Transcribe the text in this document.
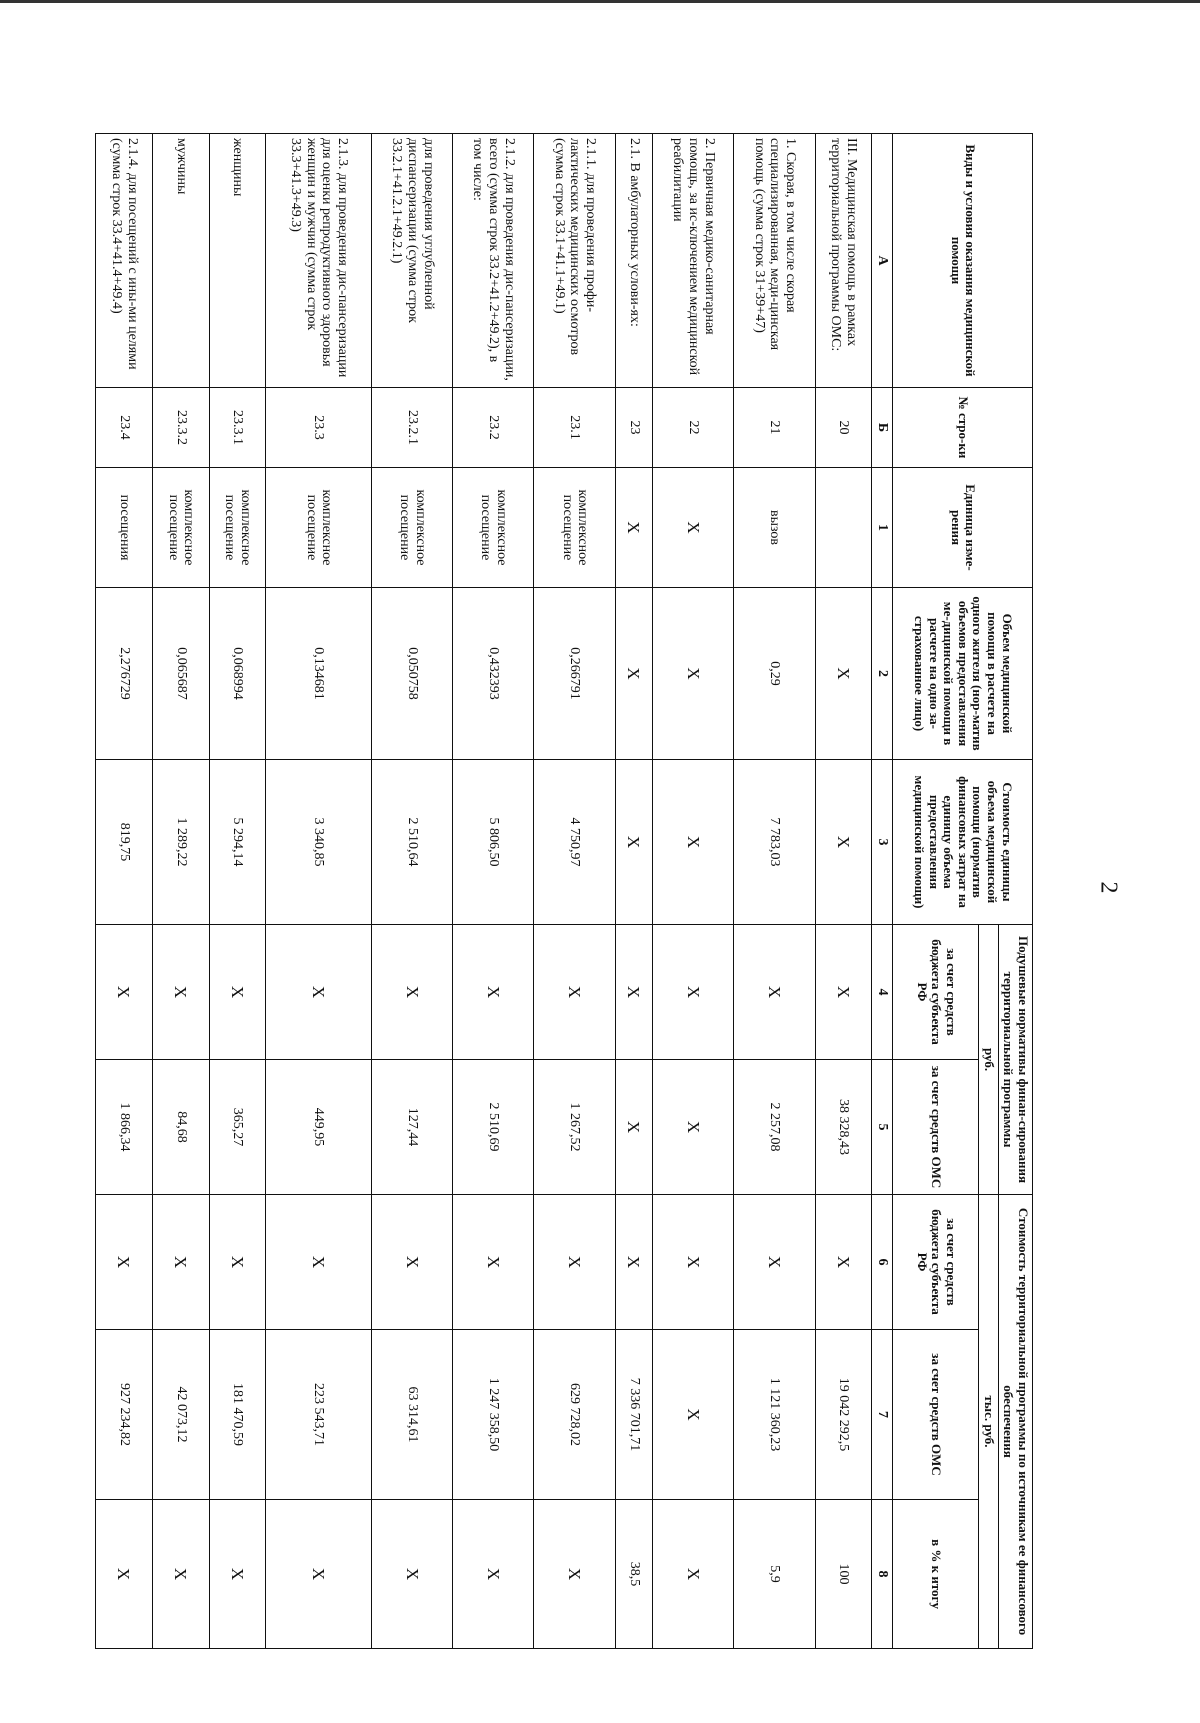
2
Виды и условия оказания медицинской помощи	№ стро-ки	Единица изме-рения	Объем медицинской помощи в расчете на одного жителя (нор-матив объемов предоставления ме-дицинской помощи в расчете на одно за-страхованное лицо)	Стоимость единицы объема медицинской помощи (норматив финансовых затрат на единицу объема предоставления медицинской помощи)	Подушевые нормативы финан-сирования территориальной программы		Стоимость территориальной программы по источникам ее финансового обеспечения		
					руб.		тыс. руб.		
					за счет средств бюджета субъекта РФ	за счет средств ОМС	за счет средств бюджета субъекта РФ	за счет средств ОМС	в % к итогу
А	Б	1	2	3	4	5	6	7	8
III. Медицинская помощь в рамках территориальной программы ОМС:	20		X	X	X	38 328,43	X	19 042 292,5	100
1. Скорая, в том числе скорая специализированная, меди-цинская помощь (сумма строк 31+39+47)	21	вызов	0,29	7 783,03	X	2 257,08	X	1 121 360,23	5,9
2. Первичная медико-санитарная помощь, за ис-ключением медицинской реабилитации	22	X	X	X	X	X	X	X	X
2.1. В амбулаторных услови-ях:	23	X	X	X	X	X	X	7 336 701,71	38,5
2.1.1. для проведения профи-лактических медицинских осмотров (сумма строк 33.1+41.1+49.1)	23.1	комплексное посещение	0,266791	4 750,97	X	1 267,52	X	629 728,02	X
2.1.2. для проведения дис-пансеризации, всего (сумма строк 33.2+41.2+49.2), в том числе:	23.2	комплексное посещение	0,432393	5 806,50	X	2 510,69	X	1 247 358,50	X
для проведения углубленной диспансеризации (сумма строк 33.2.1+41.2.1+49.2.1)	23.2.1	комплексное посещение	0,050758	2 510,64	X	127,44	X	63 314,61	X
2.1.3. для проведения дис-пансеризации для оценки репродуктивного здоровья женщин и мужчин (сумма строк 33.3+41.3+49.3)	23.3	комплексное посещение	0,134681	3 340,85	X	449,95	X	223 543,71	X
женщины	23.3.1	комплексное посещение	0,068994	5 294,14	X	365,27	X	181 470,59	X
мужчины	23.3.2	комплексное посещение	0,065687	1 289,22	X	84,68	X	42 073,12	X
2.1.4. для посещений с ины-ми целями (сумма строк 33.4+41.4+49.4)	23.4	посещения	2,276729	819,75	X	1 866,34	X	927 234,82	X
